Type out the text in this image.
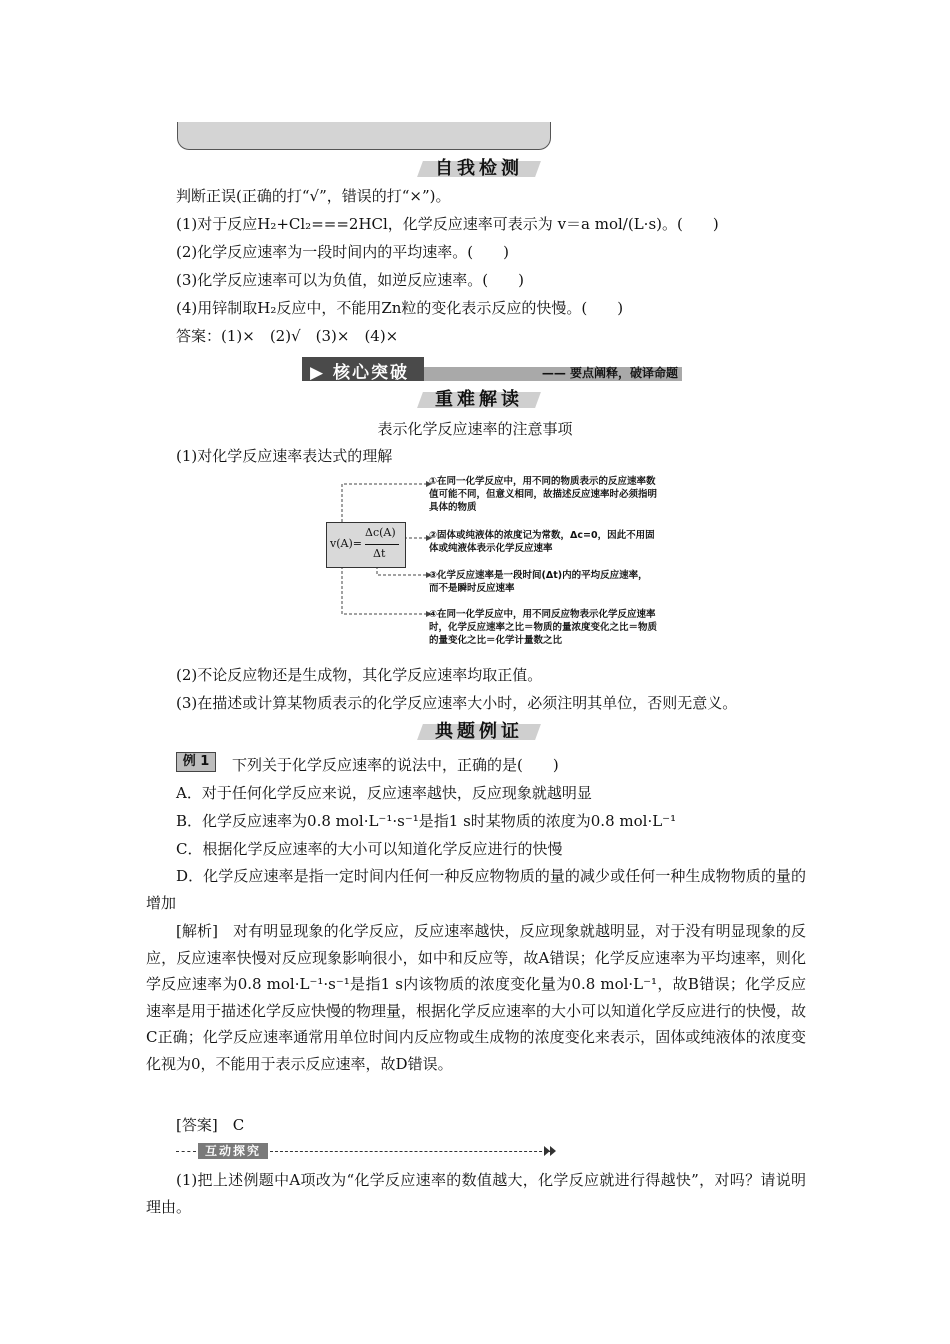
自我检测
判断正误(正确的打“√”，错误的打“×”)。
(1)对于反应H₂+Cl₂===2HCl，化学反应速率可表示为 v＝a mol/(L·s)。(　　)
(2)化学反应速率为一段时间内的平均速率。(　　)
(3)化学反应速率可以为负值，如逆反应速率。(　　)
(4)用锌制取H₂反应中，不能用Zn粒的变化表示反应的快慢。(　　)
答案：(1)×　(2)√　(3)×　(4)×
▶ 核心突破	—— 要点阐释，破译命题
重难解读
表示化学反应速率的注意事项
(1)对化学反应速率表达式的理解
v(A)=
Δc(A)
Δt
①在同一化学反应中，用不同的物质表示的反应速率数值可能不同，但意义相同，故描述反应速率时必须指明具体的物质
②固体或纯液体的浓度记为常数，Δc=0，因此不用固体或纯液体表示化学反应速率
③化学反应速率是一段时间(Δt)内的平均反应速率，而不是瞬时反应速率
④在同一化学反应中，用不同反应物表示化学反应速率时，化学反应速率之比＝物质的量浓度变化之比＝物质的量变化之比＝化学计量数之比
(2)不论反应物还是生成物，其化学反应速率均取正值。
(3)在描述或计算某物质表示的化学反应速率大小时，必须注明其单位，否则无意义。
典题例证
例 1	下列关于化学反应速率的说法中，正确的是(　　)
A．对于任何化学反应来说，反应速率越快，反应现象就越明显
B．化学反应速率为0.8 mol·L⁻¹·s⁻¹是指1 s时某物质的浓度为0.8 mol·L⁻¹
C．根据化学反应速率的大小可以知道化学反应进行的快慢
D．化学反应速率是指一定时间内任何一种反应物物质的量的减少或任何一种生成物物质的量的增加
[解析]　对有明显现象的化学反应，反应速率越快，反应现象就越明显，对于没有明显现象的反应，反应速率快慢对反应现象影响很小，如中和反应等，故A错误；化学反应速率为平均速率，则化学反应速率为0.8 mol·L⁻¹·s⁻¹是指1 s内该物质的浓度变化量为0.8 mol·L⁻¹，故B错误；化学反应速率是用于描述化学反应快慢的物理量，根据化学反应速率的大小可以知道化学反应进行的快慢，故C正确；化学反应速率通常用单位时间内反应物或生成物的浓度变化来表示，固体或纯液体的浓度变化视为0，不能用于表示反应速率，故D错误。
[答案]　C
互动探究
(1)把上述例题中A项改为“化学反应速率的数值越大，化学反应就进行得越快”，对吗？请说明理由。
